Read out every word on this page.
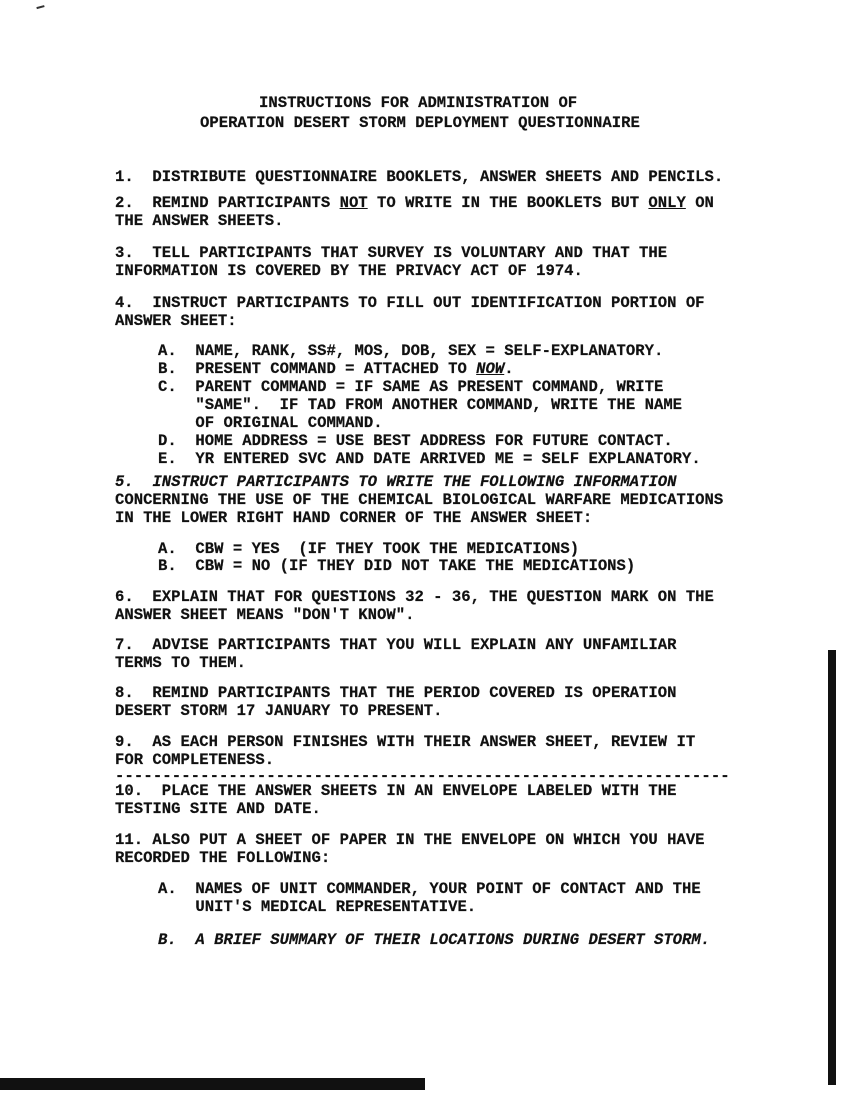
INSTRUCTIONS FOR ADMINISTRATION OF
OPERATION DESERT STORM DEPLOYMENT QUESTIONNAIRE
1.  DISTRIBUTE QUESTIONNAIRE BOOKLETS, ANSWER SHEETS AND PENCILS.
2.  REMIND PARTICIPANTS NOT TO WRITE IN THE BOOKLETS BUT ONLY ON
THE ANSWER SHEETS.
3.  TELL PARTICIPANTS THAT SURVEY IS VOLUNTARY AND THAT THE
INFORMATION IS COVERED BY THE PRIVACY ACT OF 1974.
4.  INSTRUCT PARTICIPANTS TO FILL OUT IDENTIFICATION PORTION OF
ANSWER SHEET:
A.  NAME, RANK, SS#, MOS, DOB, SEX = SELF-EXPLANATORY.
B.  PRESENT COMMAND = ATTACHED TO NOW.
C.  PARENT COMMAND = IF SAME AS PRESENT COMMAND, WRITE
"SAME".  IF TAD FROM ANOTHER COMMAND, WRITE THE NAME
OF ORIGINAL COMMAND.
D.  HOME ADDRESS = USE BEST ADDRESS FOR FUTURE CONTACT.
E.  YR ENTERED SVC AND DATE ARRIVED ME = SELF EXPLANATORY.
5.  INSTRUCT PARTICIPANTS TO WRITE THE FOLLOWING INFORMATION
CONCERNING THE USE OF THE CHEMICAL BIOLOGICAL WARFARE MEDICATIONS
IN THE LOWER RIGHT HAND CORNER OF THE ANSWER SHEET:
A.  CBW = YES  (IF THEY TOOK THE MEDICATIONS)
B.  CBW = NO (IF THEY DID NOT TAKE THE MEDICATIONS)
6.  EXPLAIN THAT FOR QUESTIONS 32 - 36, THE QUESTION MARK ON THE
ANSWER SHEET MEANS "DON'T KNOW".
7.  ADVISE PARTICIPANTS THAT YOU WILL EXPLAIN ANY UNFAMILIAR
TERMS TO THEM.
8.  REMIND PARTICIPANTS THAT THE PERIOD COVERED IS OPERATION
DESERT STORM 17 JANUARY TO PRESENT.
9.  AS EACH PERSON FINISHES WITH THEIR ANSWER SHEET, REVIEW IT
FOR COMPLETENESS.
-----------------------------------------------------------------
10.  PLACE THE ANSWER SHEETS IN AN ENVELOPE LABELED WITH THE
TESTING SITE AND DATE.
11. ALSO PUT A SHEET OF PAPER IN THE ENVELOPE ON WHICH YOU HAVE
RECORDED THE FOLLOWING:
A.  NAMES OF UNIT COMMANDER, YOUR POINT OF CONTACT AND THE
UNIT'S MEDICAL REPRESENTATIVE.
B.  A BRIEF SUMMARY OF THEIR LOCATIONS DURING DESERT STORM.
